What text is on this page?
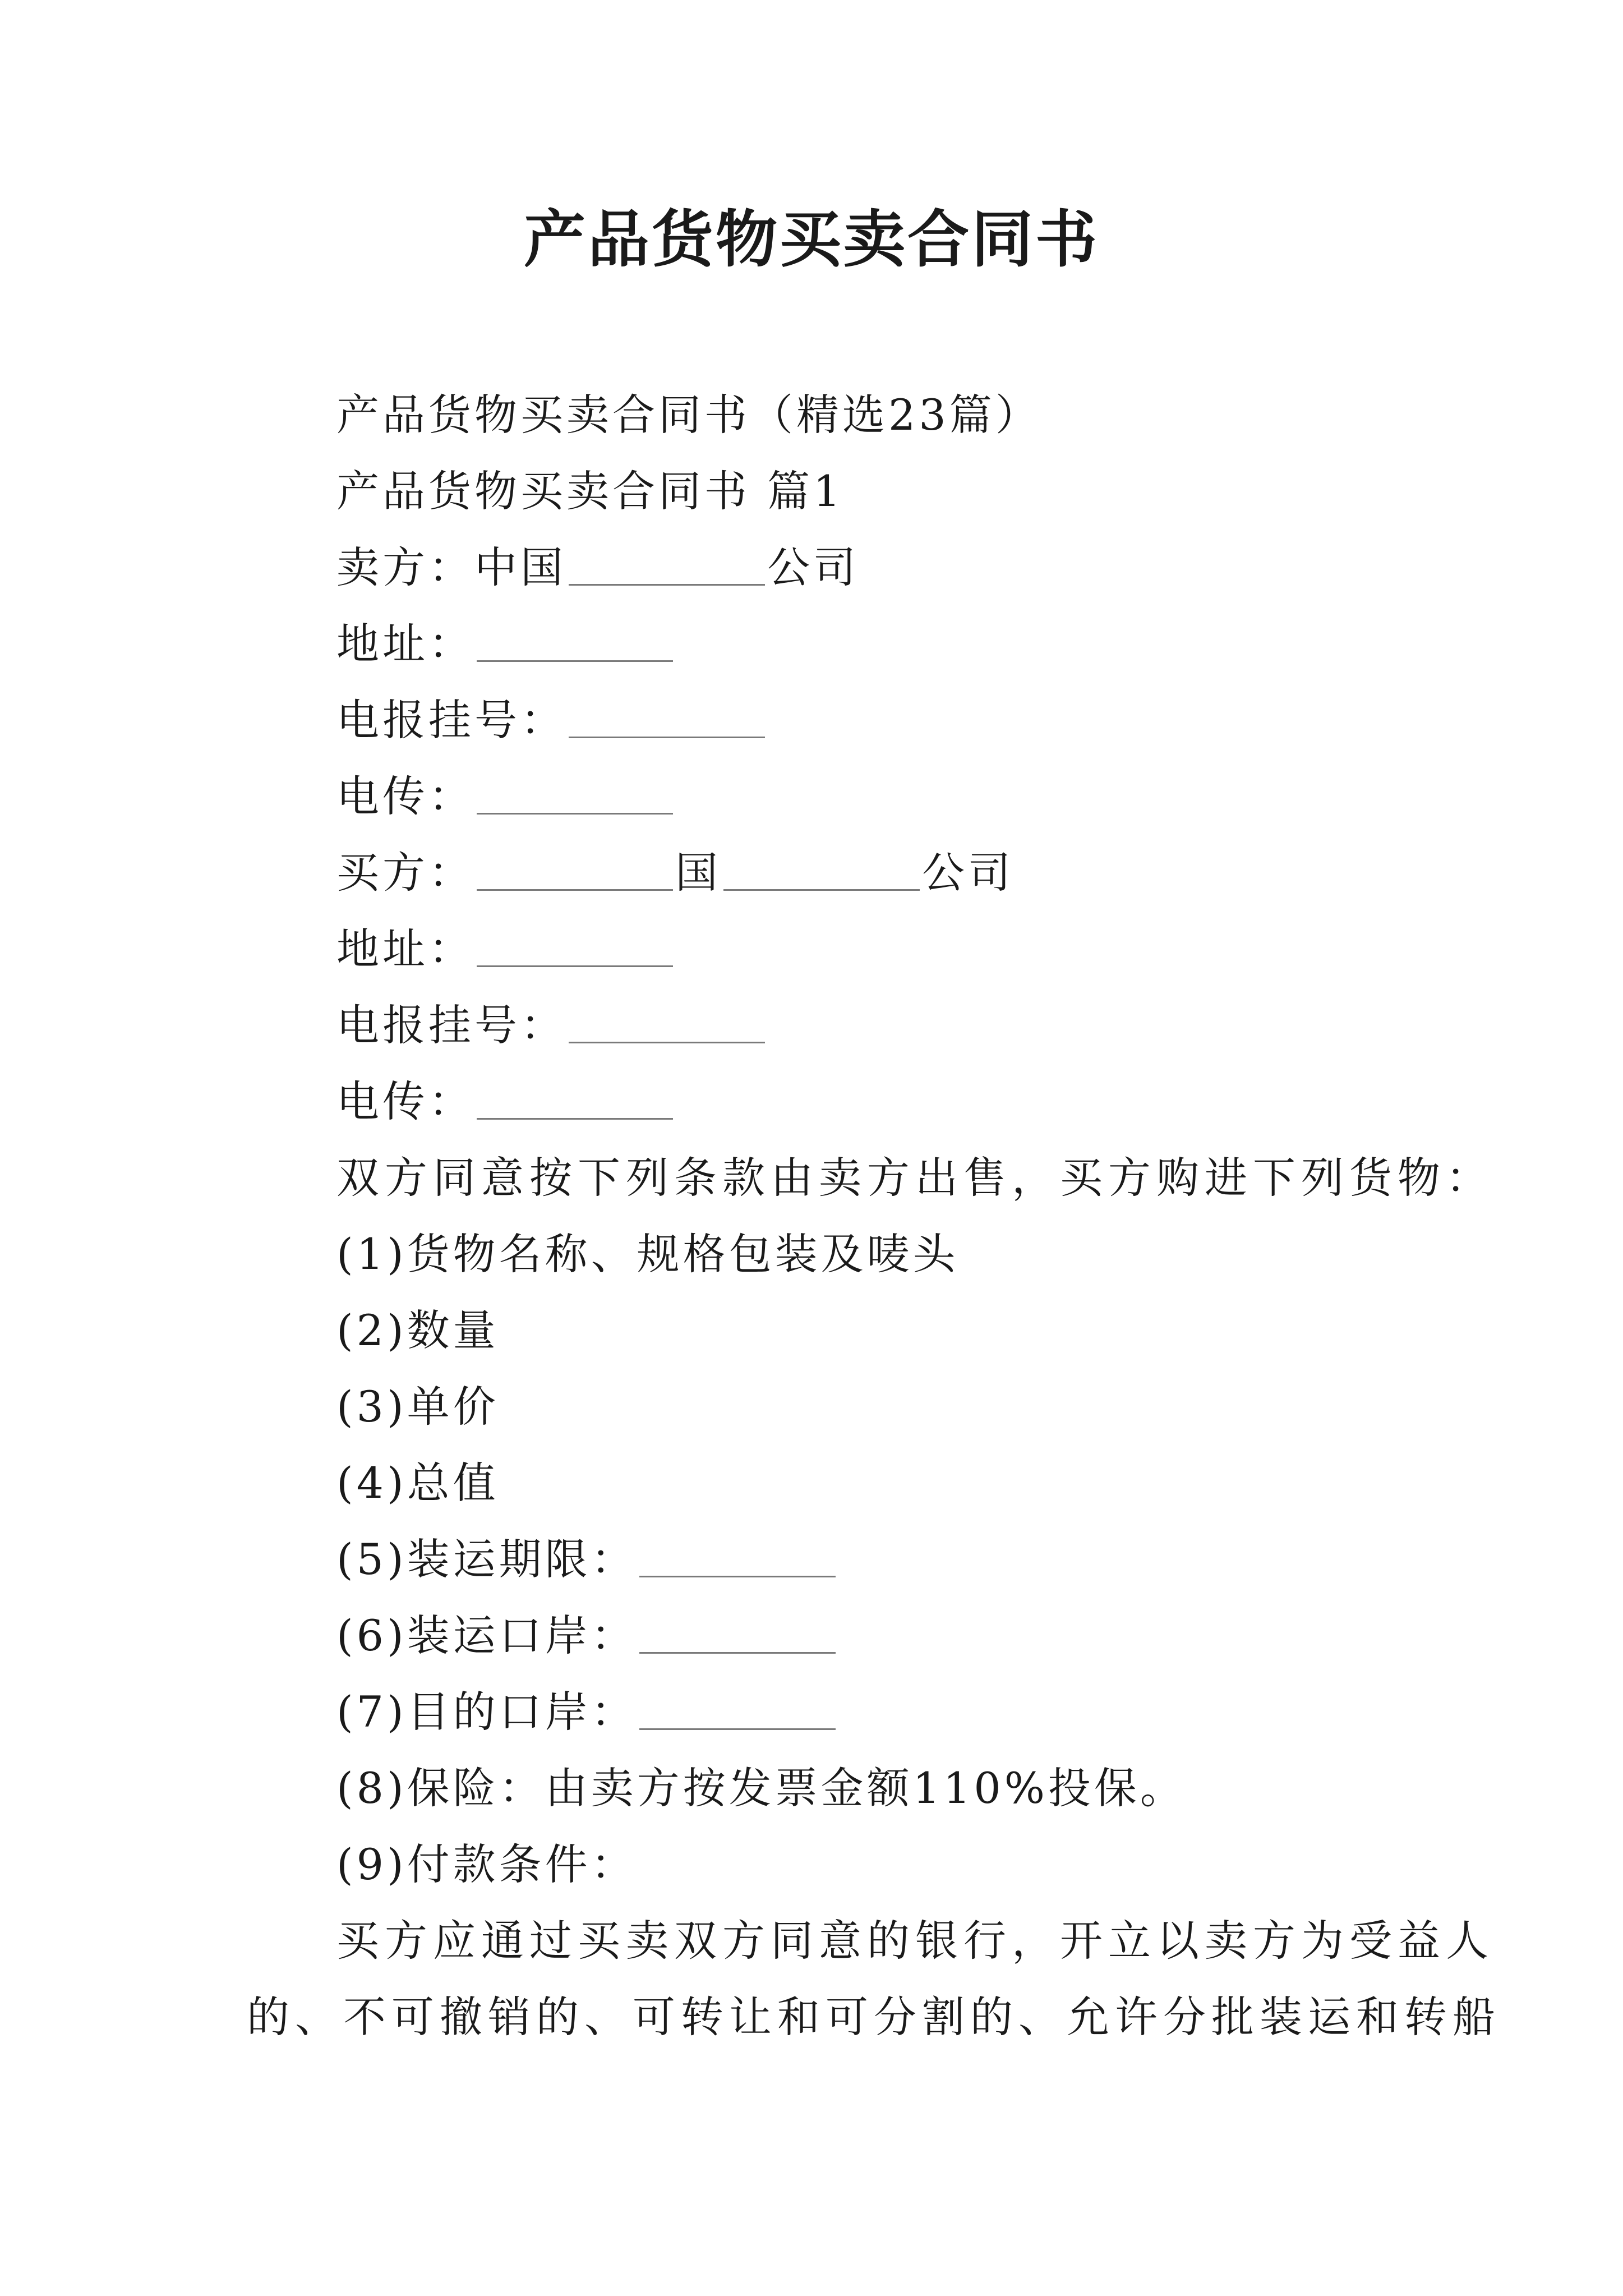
产品货物买卖合同书
产品货物买卖合同书（精选23篇）
产品货物买卖合同书 篇1
卖方：中国	公司
地址：
电报挂号：
电传：
买方：	国	公司
地址：
电报挂号：
电传：
双方同意按下列条款由卖方出售，买方购进下列货物：
(1)货物名称、规格包装及唛头
(2)数量
(3)单价
(4)总值
(5)装运期限：
(6)装运口岸：
(7)目的口岸：
(8)保险：由卖方按发票金额110%投保。
(9)付款条件：
买方应通过买卖双方同意的银行，开立以卖方为受益人
的、不可撤销的、可转让和可分割的、允许分批装运和转船
